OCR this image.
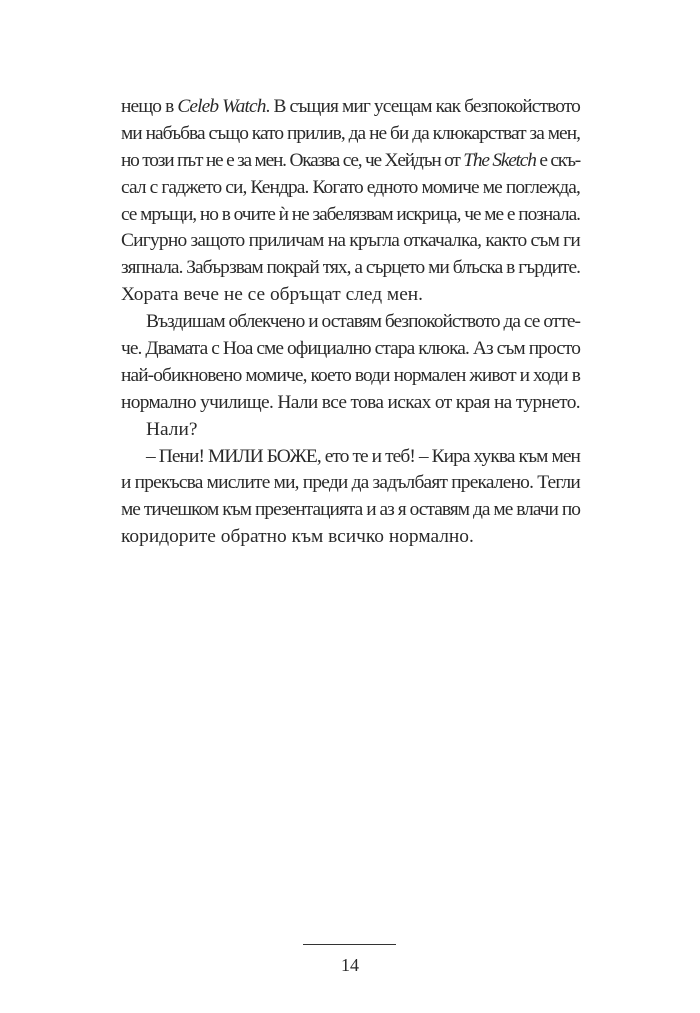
нещо в Celeb Watch. В същия миг усещам как безпокойството
ми набъбва също като прилив, да не би да клюкарстват за мен,
но този път не е за мен. Оказва се, че Хейдън от The Sketch е скъ-
сал с гаджето си, Кендра. Когато едното момиче ме поглежда,
се мръщи, но в очите ѝ не забелязвам искрица, че ме е познала.
Сигурно защото приличам на кръгла откачалка, както съм ги
зяпнала. Забързвам покрай тях, а сърцето ми блъска в гърдите.
Хората вече не се обръщат след мен.
Въздишам облекчено и оставям безпокойството да се отте-
че. Двамата с Ноа сме официално стара клюка. Аз съм просто
най-обикновено момиче, което води нормален живот и ходи в
нормално училище. Нали все това исках от края на турнето.
Нали?
– Пени! МИЛИ БОЖЕ, ето те и теб! – Кира хуква към мен
и прекъсва мислите ми, преди да задълбаят прекалено. Тегли
ме тичешком към презентацията и аз я оставям да ме влачи по
коридорите обратно към всичко нормално.
14
